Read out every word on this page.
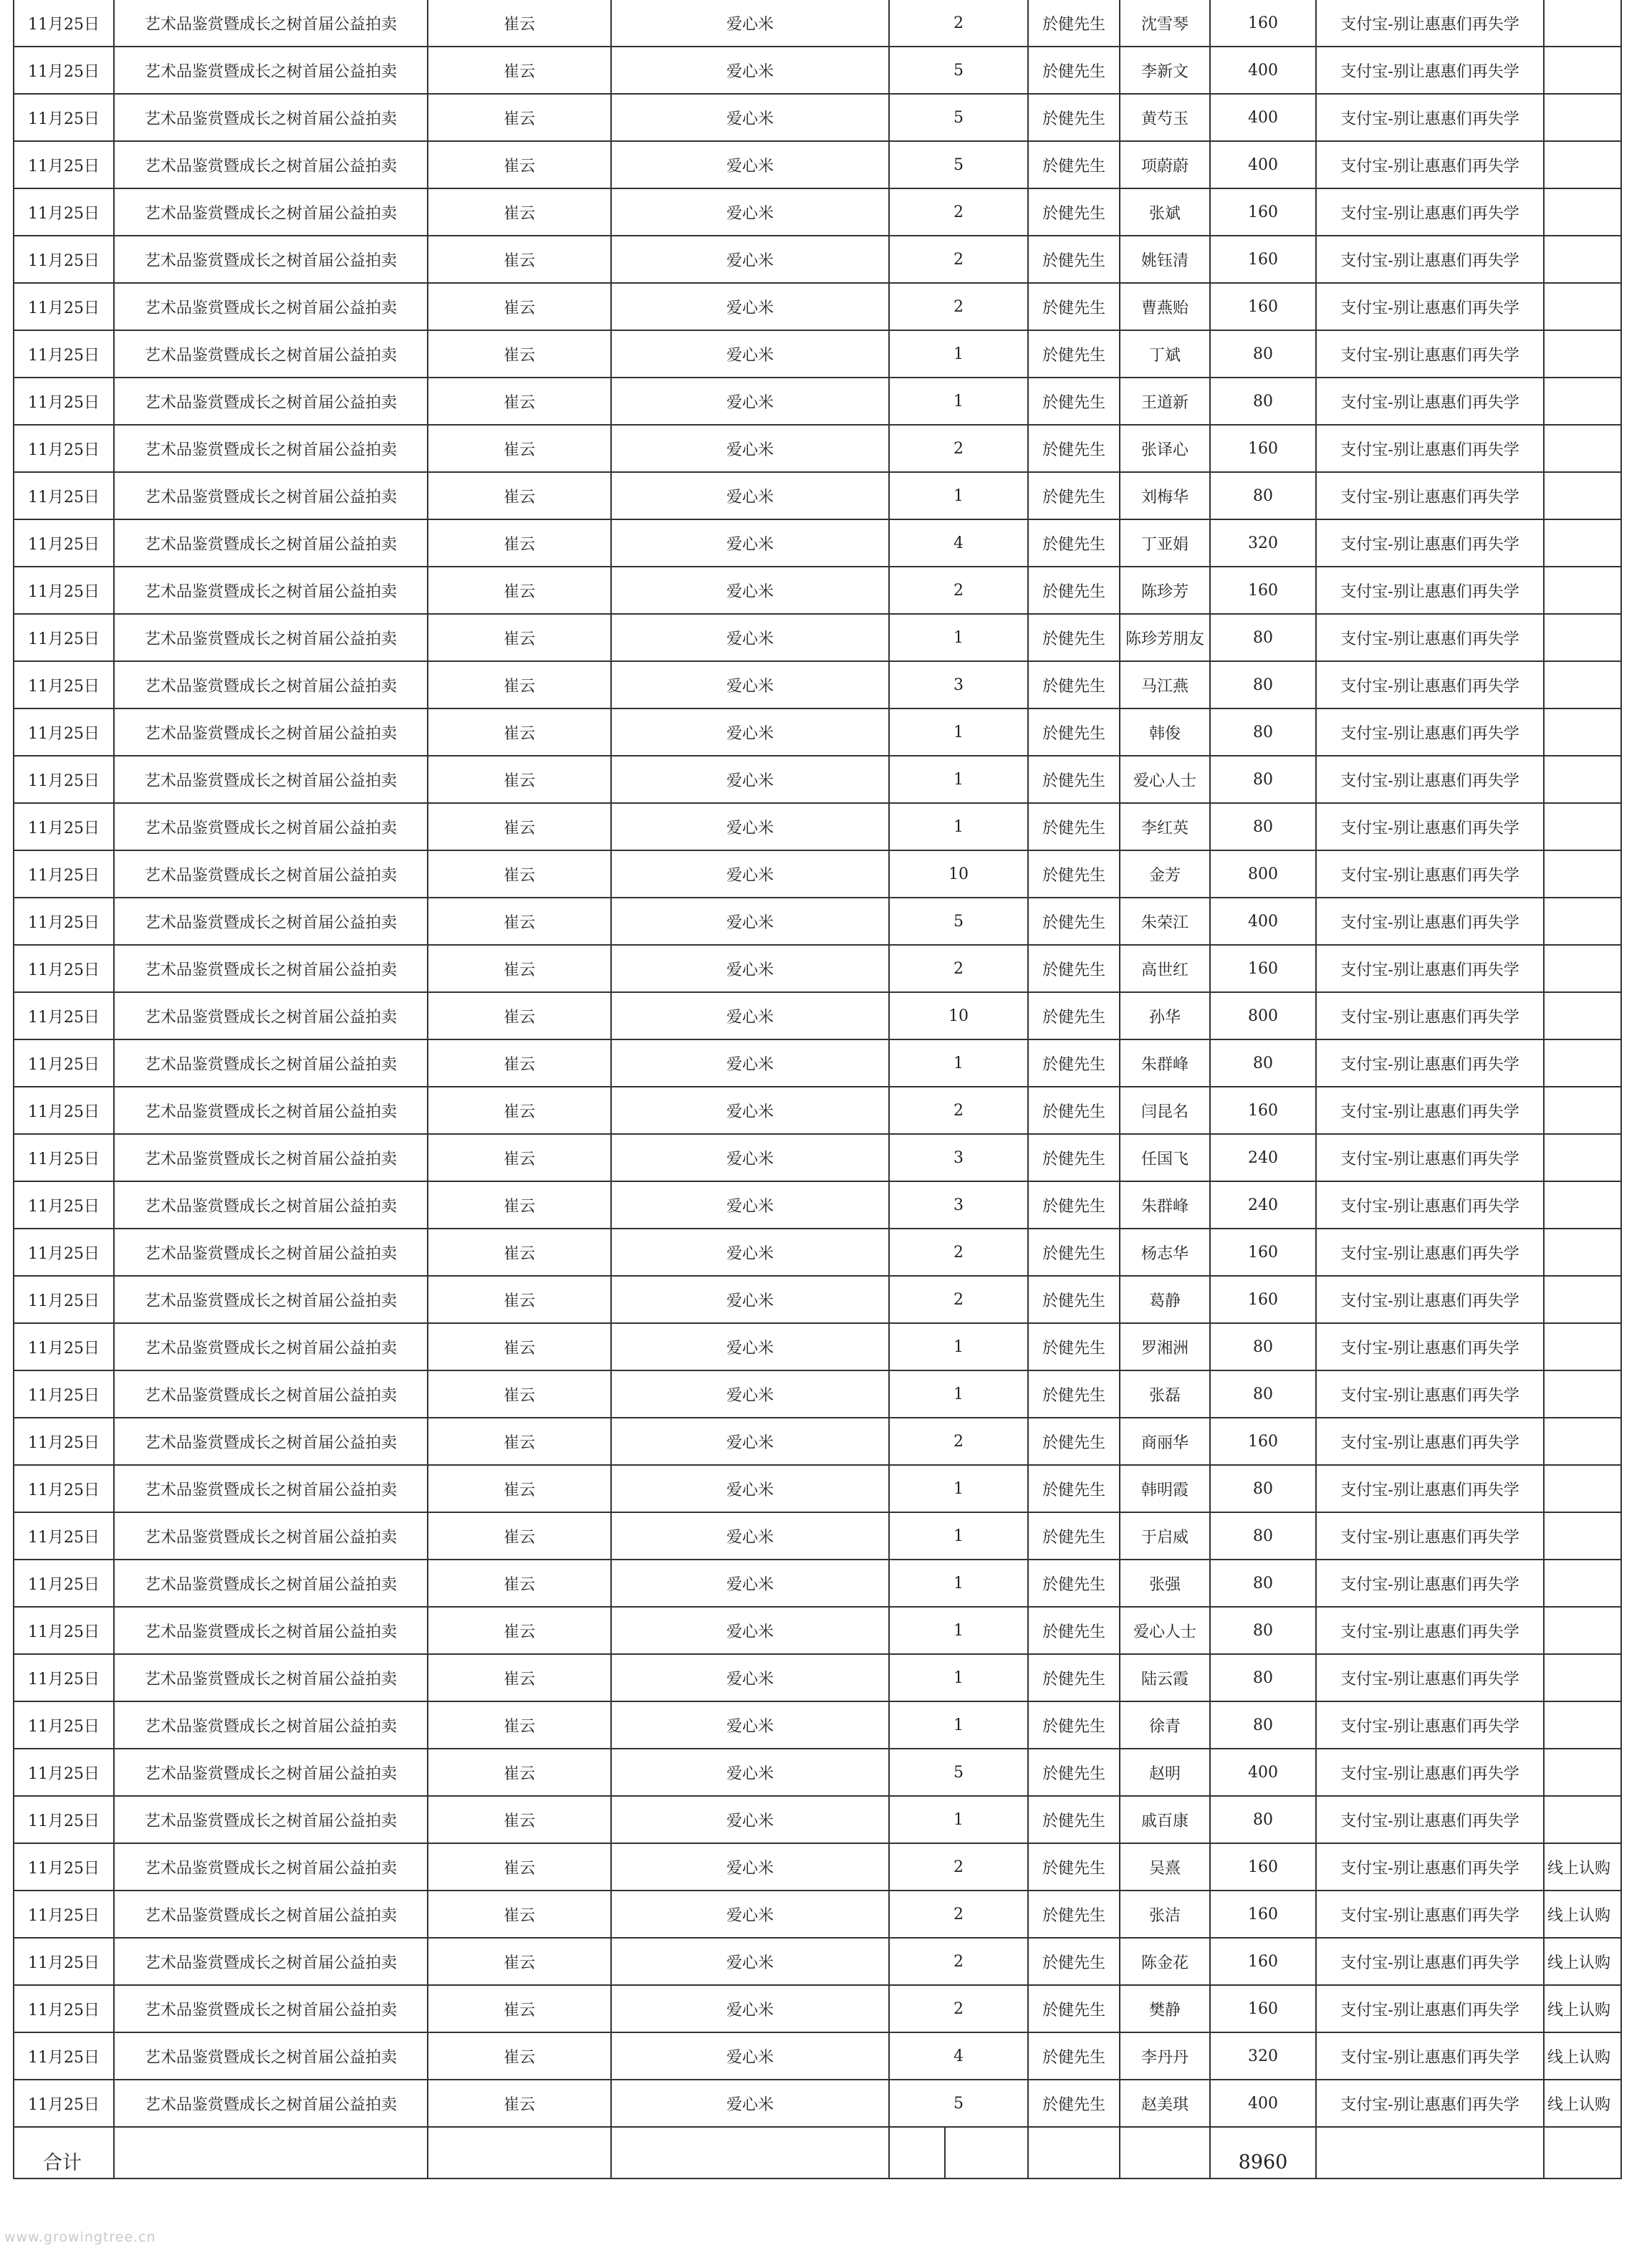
11月25日	艺术品鉴赏暨成长之树首届公益拍卖	崔云	爱心米	2		於健先生	沈雪琴	160	支付宝-别让惠惠们再失学	
11月25日	艺术品鉴赏暨成长之树首届公益拍卖	崔云	爱心米	5		於健先生	李新文	400	支付宝-别让惠惠们再失学	
11月25日	艺术品鉴赏暨成长之树首届公益拍卖	崔云	爱心米	5		於健先生	黄芍玉	400	支付宝-别让惠惠们再失学	
11月25日	艺术品鉴赏暨成长之树首届公益拍卖	崔云	爱心米	5		於健先生	项蔚蔚	400	支付宝-别让惠惠们再失学	
11月25日	艺术品鉴赏暨成长之树首届公益拍卖	崔云	爱心米	2		於健先生	张斌	160	支付宝-别让惠惠们再失学	
11月25日	艺术品鉴赏暨成长之树首届公益拍卖	崔云	爱心米	2		於健先生	姚钰清	160	支付宝-别让惠惠们再失学	
11月25日	艺术品鉴赏暨成长之树首届公益拍卖	崔云	爱心米	2		於健先生	曹燕贻	160	支付宝-别让惠惠们再失学	
11月25日	艺术品鉴赏暨成长之树首届公益拍卖	崔云	爱心米	1		於健先生	丁斌	80	支付宝-别让惠惠们再失学	
11月25日	艺术品鉴赏暨成长之树首届公益拍卖	崔云	爱心米	1		於健先生	王道新	80	支付宝-别让惠惠们再失学	
11月25日	艺术品鉴赏暨成长之树首届公益拍卖	崔云	爱心米	2		於健先生	张译心	160	支付宝-别让惠惠们再失学	
11月25日	艺术品鉴赏暨成长之树首届公益拍卖	崔云	爱心米	1		於健先生	刘梅华	80	支付宝-别让惠惠们再失学	
11月25日	艺术品鉴赏暨成长之树首届公益拍卖	崔云	爱心米	4		於健先生	丁亚娟	320	支付宝-别让惠惠们再失学	
11月25日	艺术品鉴赏暨成长之树首届公益拍卖	崔云	爱心米	2		於健先生	陈珍芳	160	支付宝-别让惠惠们再失学	
11月25日	艺术品鉴赏暨成长之树首届公益拍卖	崔云	爱心米	1		於健先生	陈珍芳朋友	80	支付宝-别让惠惠们再失学	
11月25日	艺术品鉴赏暨成长之树首届公益拍卖	崔云	爱心米	3		於健先生	马江燕	80	支付宝-别让惠惠们再失学	
11月25日	艺术品鉴赏暨成长之树首届公益拍卖	崔云	爱心米	1		於健先生	韩俊	80	支付宝-别让惠惠们再失学	
11月25日	艺术品鉴赏暨成长之树首届公益拍卖	崔云	爱心米	1		於健先生	爱心人士	80	支付宝-别让惠惠们再失学	
11月25日	艺术品鉴赏暨成长之树首届公益拍卖	崔云	爱心米	1		於健先生	李红英	80	支付宝-别让惠惠们再失学	
11月25日	艺术品鉴赏暨成长之树首届公益拍卖	崔云	爱心米	10		於健先生	金芳	800	支付宝-别让惠惠们再失学	
11月25日	艺术品鉴赏暨成长之树首届公益拍卖	崔云	爱心米	5		於健先生	朱荣江	400	支付宝-别让惠惠们再失学	
11月25日	艺术品鉴赏暨成长之树首届公益拍卖	崔云	爱心米	2		於健先生	高世红	160	支付宝-别让惠惠们再失学	
11月25日	艺术品鉴赏暨成长之树首届公益拍卖	崔云	爱心米	10		於健先生	孙华	800	支付宝-别让惠惠们再失学	
11月25日	艺术品鉴赏暨成长之树首届公益拍卖	崔云	爱心米	1		於健先生	朱群峰	80	支付宝-别让惠惠们再失学	
11月25日	艺术品鉴赏暨成长之树首届公益拍卖	崔云	爱心米	2		於健先生	闫昆名	160	支付宝-别让惠惠们再失学	
11月25日	艺术品鉴赏暨成长之树首届公益拍卖	崔云	爱心米	3		於健先生	任国飞	240	支付宝-别让惠惠们再失学	
11月25日	艺术品鉴赏暨成长之树首届公益拍卖	崔云	爱心米	3		於健先生	朱群峰	240	支付宝-别让惠惠们再失学	
11月25日	艺术品鉴赏暨成长之树首届公益拍卖	崔云	爱心米	2		於健先生	杨志华	160	支付宝-别让惠惠们再失学	
11月25日	艺术品鉴赏暨成长之树首届公益拍卖	崔云	爱心米	2		於健先生	葛静	160	支付宝-别让惠惠们再失学	
11月25日	艺术品鉴赏暨成长之树首届公益拍卖	崔云	爱心米	1		於健先生	罗湘洲	80	支付宝-别让惠惠们再失学	
11月25日	艺术品鉴赏暨成长之树首届公益拍卖	崔云	爱心米	1		於健先生	张磊	80	支付宝-别让惠惠们再失学	
11月25日	艺术品鉴赏暨成长之树首届公益拍卖	崔云	爱心米	2		於健先生	商丽华	160	支付宝-别让惠惠们再失学	
11月25日	艺术品鉴赏暨成长之树首届公益拍卖	崔云	爱心米	1		於健先生	韩明霞	80	支付宝-别让惠惠们再失学	
11月25日	艺术品鉴赏暨成长之树首届公益拍卖	崔云	爱心米	1		於健先生	于启威	80	支付宝-别让惠惠们再失学	
11月25日	艺术品鉴赏暨成长之树首届公益拍卖	崔云	爱心米	1		於健先生	张强	80	支付宝-别让惠惠们再失学	
11月25日	艺术品鉴赏暨成长之树首届公益拍卖	崔云	爱心米	1		於健先生	爱心人士	80	支付宝-别让惠惠们再失学	
11月25日	艺术品鉴赏暨成长之树首届公益拍卖	崔云	爱心米	1		於健先生	陆云霞	80	支付宝-别让惠惠们再失学	
11月25日	艺术品鉴赏暨成长之树首届公益拍卖	崔云	爱心米	1		於健先生	徐青	80	支付宝-别让惠惠们再失学	
11月25日	艺术品鉴赏暨成长之树首届公益拍卖	崔云	爱心米	5		於健先生	赵明	400	支付宝-别让惠惠们再失学	
11月25日	艺术品鉴赏暨成长之树首届公益拍卖	崔云	爱心米	1		於健先生	戚百康	80	支付宝-别让惠惠们再失学	
11月25日	艺术品鉴赏暨成长之树首届公益拍卖	崔云	爱心米	2		於健先生	吴熹	160	支付宝-别让惠惠们再失学	线上认购
11月25日	艺术品鉴赏暨成长之树首届公益拍卖	崔云	爱心米	2		於健先生	张洁	160	支付宝-别让惠惠们再失学	线上认购
11月25日	艺术品鉴赏暨成长之树首届公益拍卖	崔云	爱心米	2		於健先生	陈金花	160	支付宝-别让惠惠们再失学	线上认购
11月25日	艺术品鉴赏暨成长之树首届公益拍卖	崔云	爱心米	2		於健先生	樊静	160	支付宝-别让惠惠们再失学	线上认购
11月25日	艺术品鉴赏暨成长之树首届公益拍卖	崔云	爱心米	4		於健先生	李丹丹	320	支付宝-别让惠惠们再失学	线上认购
11月25日	艺术品鉴赏暨成长之树首届公益拍卖	崔云	爱心米	5		於健先生	赵美琪	400	支付宝-别让惠惠们再失学	线上认购
合计								8960		
www.growingtree.cn
